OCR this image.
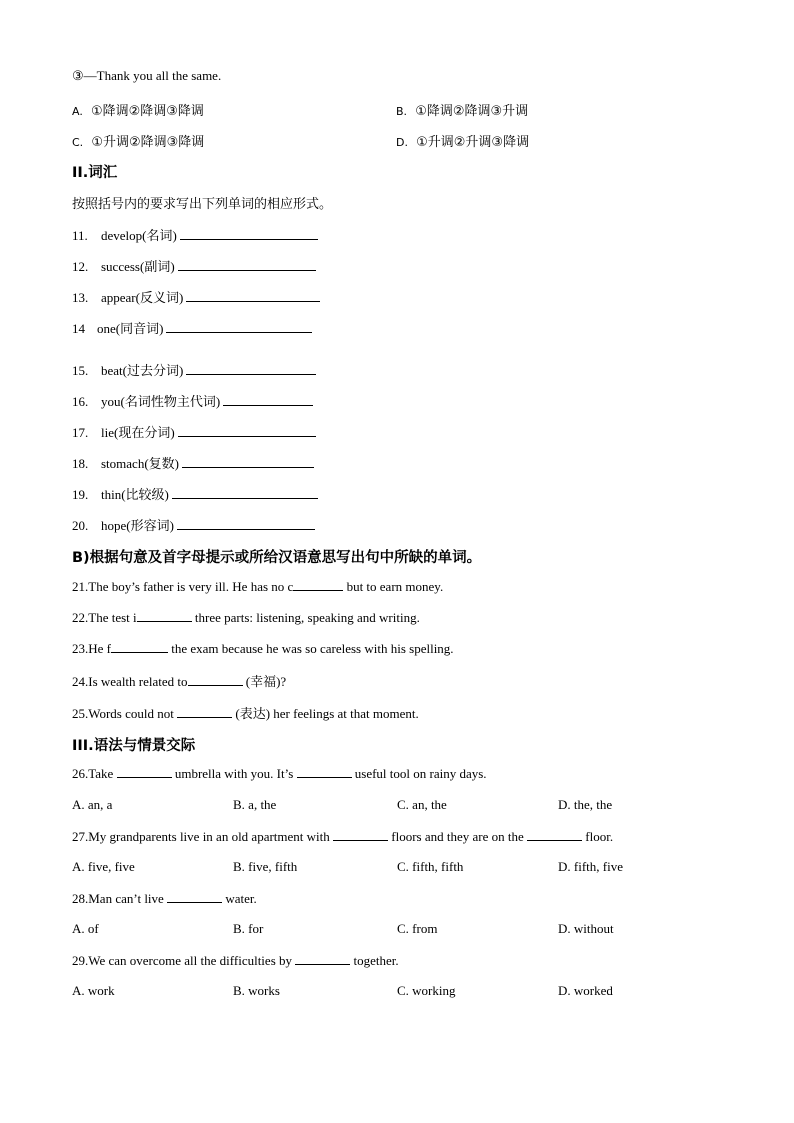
③—Thank you all the same.
A. ①降调②降调③降调	B. ①降调②降调③升调
C. ①升调②降调③降调	D. ①升调②升调③降调
II.词汇
按照括号内的要求写出下列单词的相应形式。
11. develop(名词)
12. success(副词)
13. appear(反义词)
14 one(同音词)
15. beat(过去分词)
16. you(名词性物主代词)
17. lie(现在分词)
18. stomach(复数)
19. thin(比较级)
20. hope(形容词)
B)根据句意及首字母提示或所给汉语意思写出句中所缺的单词。
21.The boy’s father is very ill. He has no c	but to earn money.
22.The test i	three parts: listening, speaking and writing.
23.He f	the exam because he was so careless with his spelling.
24.Is wealth related to	(幸福)?
25.Words could not	(表达) her feelings at that moment.
III.语法与情景交际
26.Take	umbrella with you. It’s	useful tool on rainy days.
A. an, a	B. a, the	C. an, the	D. the, the
27.My grandparents live in an old apartment with	floors and they are on the	floor.
A. five, five	B. five, fifth	C. fifth, fifth	D. fifth, five
28.Man can’t live	water.
A. of	B. for	C. from	D. without
29.We can overcome all the difficulties by	together.
A. work	B. works	C. working	D. worked
